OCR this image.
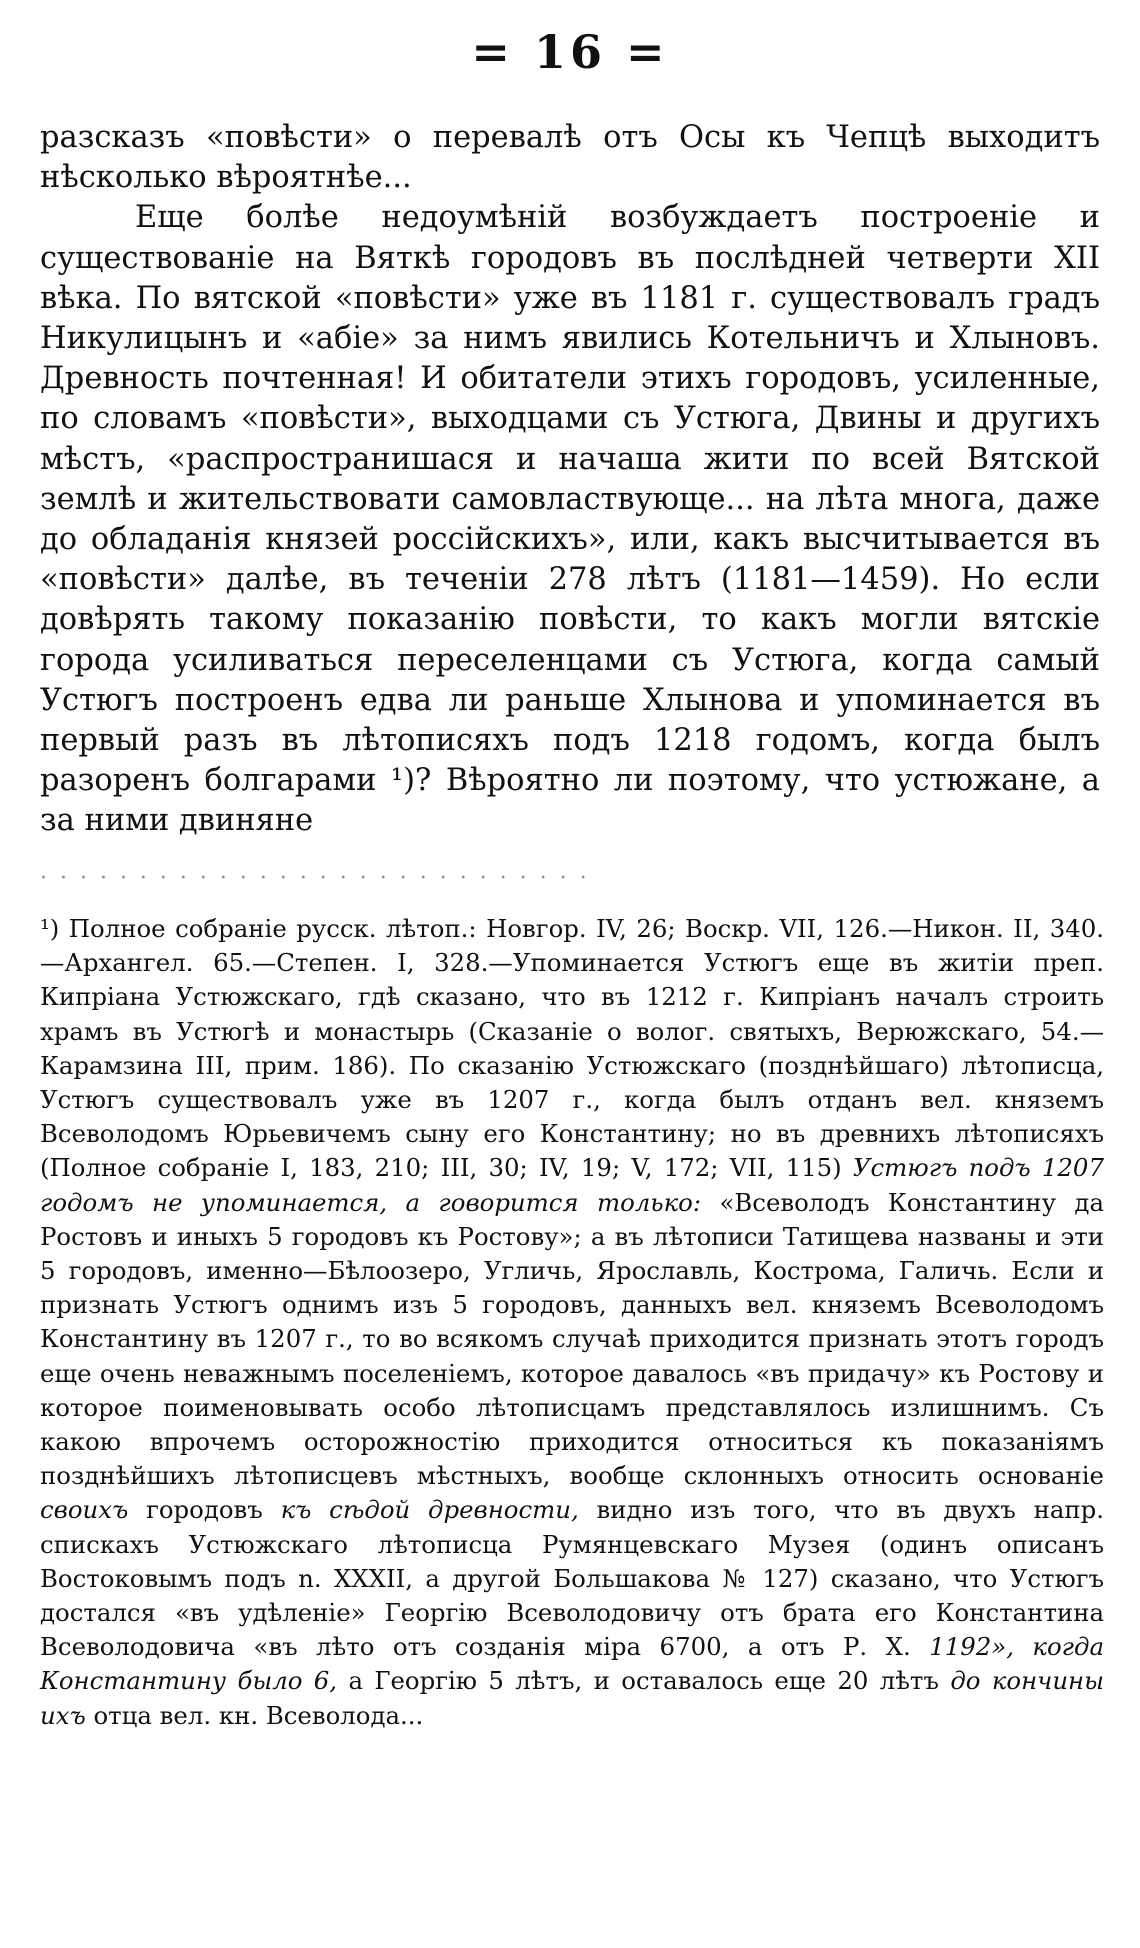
= 16 =

разсказъ «повѣсти» о перевалѣ отъ Осы къ Чепцѣ выходитъ нѣсколько вѣроятнѣе...

Еще болѣе недоумѣній возбуждаетъ построеніе и существованіе на Вяткѣ городовъ въ послѣдней четверти XII вѣка. По вятской «повѣсти» уже въ 1181 г. существовалъ градъ Никулицынъ и «абіе» за нимъ явились Котельничъ и Хлыновъ. Древность почтенная! И обитатели этихъ городовъ, усиленные, по словамъ «повѣсти», выходцами съ Устюга, Двины и другихъ мѣстъ, «распространишася и начаша жити по всей Вятской землѣ и жительствовати самовластвующе... на лѣта многа, даже до обладанія князей россійскихъ», или, какъ высчитывается въ «повѣсти» далѣе, въ теченіи 278 лѣтъ (1181—1459). Но если довѣрять такому показанію повѣсти, то какъ могли вятскіе города усиливаться переселенцами съ Устюга, когда самый Устюгъ построенъ едва ли раньше Хлынова и упоминается въ первый разъ въ лѣтописяхъ подъ 1218 годомъ, когда былъ разоренъ болгарами ¹)? Вѣроятно ли поэтому, что устюжане, а за ними двиняне

· · · · · · · · · · · · · · · · · · · · · · · · · · · ·

¹) Полное собраніе русск. лѣтоп.: Новгор. IV, 26; Воскр. VII, 126.—Никон. II, 340.—Архангел. 65.—Степен. I, 328.—Упоминается Устюгъ еще въ житіи преп. Кипріана Устюжскаго, гдѣ сказано, что въ 1212 г. Кипріанъ началъ строить храмъ въ Устюгѣ и монастырь (Сказаніе о волог. святыхъ, Верюжскаго, 54.—Карамзина III, прим. 186). По сказанію Устюжскаго (позднѣйшаго) лѣтописца, Устюгъ существовалъ уже въ 1207 г., когда былъ отданъ вел. княземъ Всеволодомъ Юрьевичемъ сыну его Константину; но въ древнихъ лѣтописяхъ (Полное собраніе I, 183, 210; III, 30; IV, 19; V, 172; VII, 115) Устюгъ подъ 1207 годомъ не упоминается, а говорится только: «Всеволодъ Константину да Ростовъ и иныхъ 5 городовъ къ Ростову»; а въ лѣтописи Татищева названы и эти 5 городовъ, именно—Бѣлоозеро, Угличь, Ярославль, Кострома, Галичь. Если и признать Устюгъ однимъ изъ 5 городовъ, данныхъ вел. княземъ Всеволодомъ Константину въ 1207 г., то во всякомъ случаѣ приходится признать этотъ городъ еще очень неважнымъ поселеніемъ, которое давалось «въ придачу» къ Ростову и которое поименовывать особо лѣтописцамъ представлялось излишнимъ. Съ какою впрочемъ осторожностію приходится относиться къ показаніямъ позднѣйшихъ лѣтописцевъ мѣстныхъ, вообще склонныхъ относить основаніе своихъ городовъ къ сѣдой древности, видно изъ того, что въ двухъ напр. спискахъ Устюжскаго лѣтописца Румянцевскаго Музея (одинъ описанъ Востоковымъ подъ n. XXXII, а другой Большакова № 127) сказано, что Устюгъ достался «въ удѣленіе» Георгію Всеволодовичу отъ брата его Константина Всеволодовича «въ лѣто отъ созданія міра 6700, а отъ Р. Х. 1192», когда Константину было 6, а Георгію 5 лѣтъ, и оставалось еще 20 лѣтъ до кончины ихъ отца вел. кн. Всеволода...
